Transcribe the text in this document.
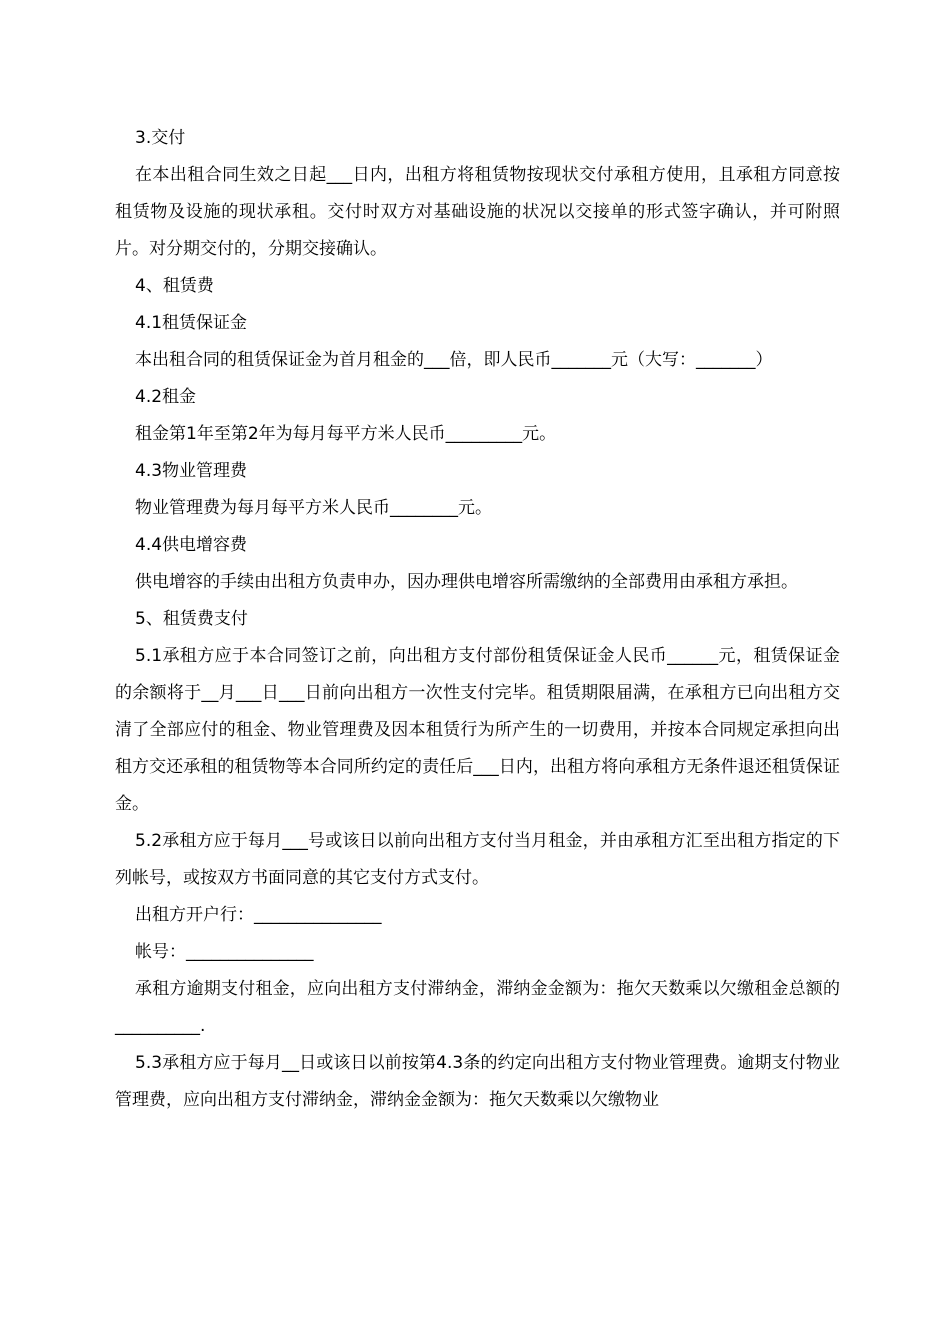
3.交付

在本出租合同生效之日起___日内，出租方将租赁物按现状交付承租方使用，且承租方同意按租赁物及设施的现状承租。交付时双方对基础设施的状况以交接单的形式签字确认，并可附照片。对分期交付的，分期交接确认。

4、租赁费

4.1租赁保证金

本出租合同的租赁保证金为首月租金的___倍，即人民币_______元（大写：_______）

4.2租金

租金第1年至第2年为每月每平方米人民币_________元。

4.3物业管理费

物业管理费为每月每平方米人民币________元。

4.4供电增容费

供电增容的手续由出租方负责申办，因办理供电增容所需缴纳的全部费用由承租方承担。

5、租赁费支付

5.1承租方应于本合同签订之前，向出租方支付部份租赁保证金人民币______元，租赁保证金的余额将于__月___日___日前向出租方一次性支付完毕。租赁期限届满，在承租方已向出租方交清了全部应付的租金、物业管理费及因本租赁行为所产生的一切费用，并按本合同规定承担向出租方交还承租的租赁物等本合同所约定的责任后___日内，出租方将向承租方无条件退还租赁保证金。

5.2承租方应于每月___号或该日以前向出租方支付当月租金，并由承租方汇至出租方指定的下列帐号，或按双方书面同意的其它支付方式支付。

出租方开户行：_______________

帐号：_______________

承租方逾期支付租金，应向出租方支付滞纳金，滞纳金金额为：拖欠天数乘以欠缴租金总额的__________.

5.3承租方应于每月__日或该日以前按第4.3条的约定向出租方支付物业管理费。逾期支付物业管理费，应向出租方支付滞纳金，滞纳金金额为：拖欠天数乘以欠缴物业
